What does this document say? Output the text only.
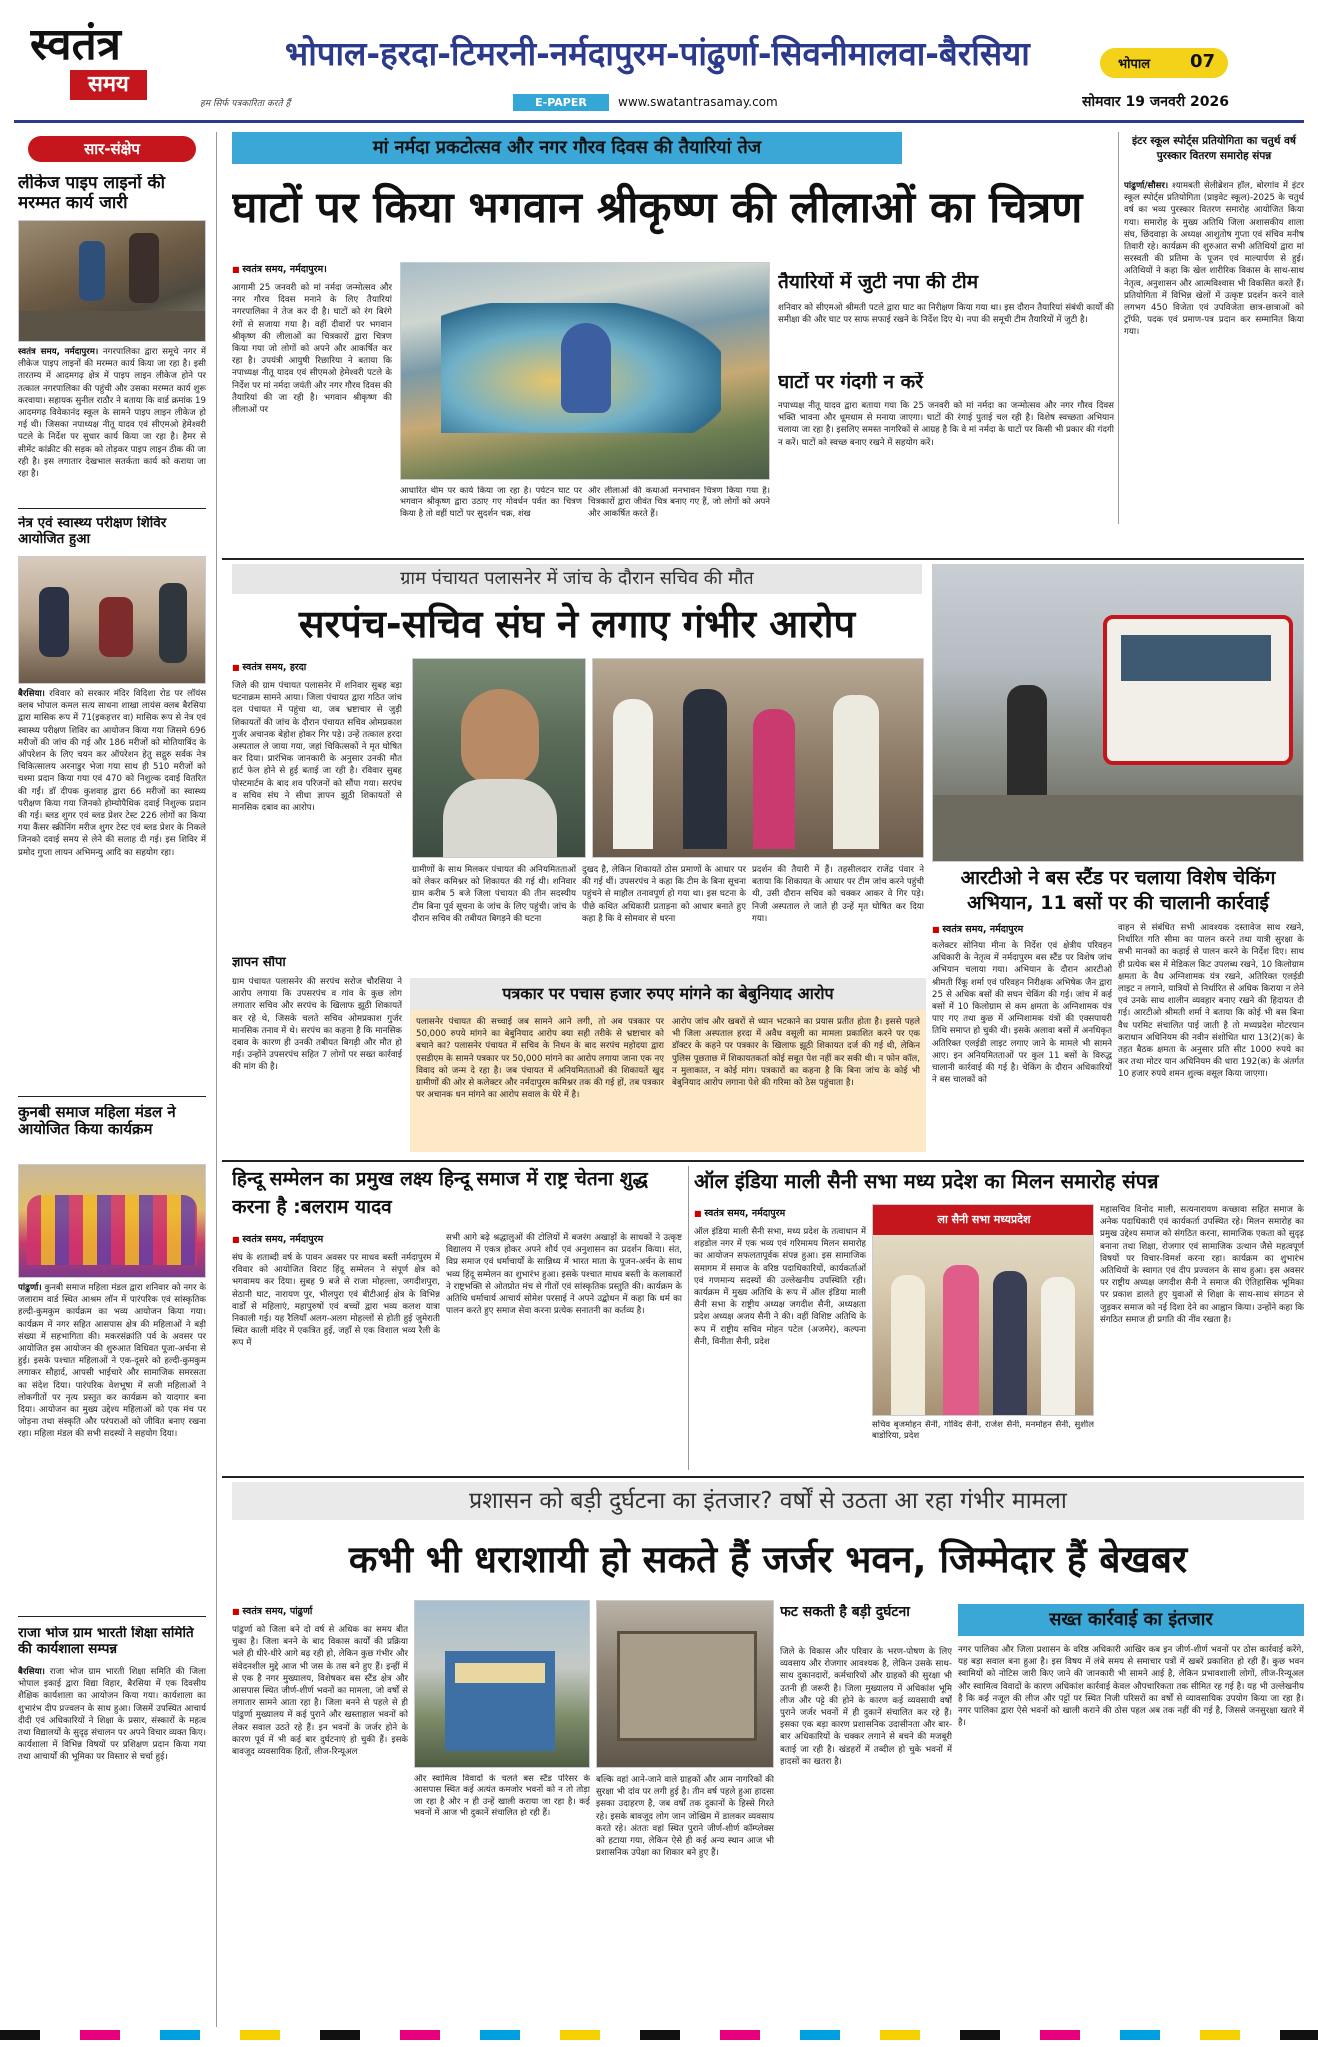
स्वतंत्र
समय
हम सिर्फ पत्रकारिता करते हैं
भोपाल-हरदा-टिमरनी-नर्मदापुरम-पांढुर्णा-सिवनीमालवा-बैरसिया
E-PAPER	www.swatantrasamay.com
भोपाल 07
सोमवार 19 जनवरी 2026
सार-संक्षेप
लीकेज पाइप लाइनों की मरम्मत कार्य जारी
स्वतंत्र समय, नर्मदापुरम। नगरपालिका द्वारा समूचे नगर में लीकेज पाइप लाइनों की मरम्मत कार्य किया जा रहा है। इसी तारतम्य में आदमगढ़ क्षेत्र में पाइप लाइन लीकेज होने पर तत्काल नगरपालिका की पहुंची और उसका मरम्मत कार्य शुरू करवाया। सहायक सुनील राठौर ने बताया कि वार्ड क्रमांक 19 आदमगढ़ विवेकानंद स्कूल के सामने पाइप लाइन लीकेज हो गई थी। जिसका नपाध्यक्ष नीतू यादव एवं सीएमओ हेमेश्वरी पटले के निर्देश पर सुधार कार्य किया जा रहा है। हैमर से सीमेंट कांक्रीट की सड़क को तोड़कर पाइप लाइन ठीक की जा रही है। इस लगातार देखभाल सतर्कता कार्य को कराया जा रहा है।
नेत्र एवं स्वास्थ्य परीक्षण शिविर आयोजित हुआ
बैरसिया। रविवार को सरकार मंदिर विदिशा रोड पर लॉयंस क्लब भोपाल कमल सत्य साधना शाखा लायंस क्लब बैरसिया द्वारा मासिक रूप में 71(इकहत्तर वा) मासिक रूप से नेत्र एवं स्वास्थ्य परीक्षण शिविर का आयोजन किया गया जिसमे 696 मरीजों की जांच की गई और 186 मरीजों को मोतियाबिंद के ऑपरेशन के लिए चयन कर ऑपरेशन हेतु सद्गुरु सर्वक नेत्र चिकित्सालय अरनाडुर भेजा गया साथ ही 510 मरीजों को चश्मा प्रदान किया गया एवं 470 को निशुल्क दवाई वितरित की गईं। डॉ दीपक कुशवाह द्वारा 66 मरीजों का स्वास्थ्य परीक्षण किया गया जिनको होम्योपैथिक दवाई निशुल्क प्रदान की गई। ब्लड शुगर एवं ब्लड प्रेशर टेस्ट 226 लोगों का किया गया कैंसर स्क्रीनिंग मरीज शुगर टेस्ट एवं ब्लड प्रेशर के निकले जिनको दवाई समय से लेने की सलाह दी गई। इस शिविर में प्रमोद गुप्ता लायन अभिमन्यु आदि का सहयोग रहा।
कुनबी समाज महिला मंडल ने आयोजित किया कार्यक्रम
पांढुर्णा। कुनबी समाज महिला मंडल द्वारा शनिवार को नगर के जलाराम वार्ड स्थित आश्रम लॉन में पारंपरिक एवं सांस्कृतिक हल्दी-कुमकुम कार्यक्रम का भव्य आयोजन किया गया। कार्यक्रम में नगर सहित आसपास क्षेत्र की महिलाओं ने बड़ी संख्या में सहभागिता की। मकरसंक्रांति पर्व के अवसर पर आयोजित इस आयोजन की शुरुआत विधिवत पूजा-अर्चना से हुई। इसके पश्चात महिलाओं ने एक-दूसरे को हल्दी-कुमकुम लगाकर सौहार्द, आपसी भाईचारे और सामाजिक समरसता का संदेश दिया। पारंपरिक वेशभूषा में सजी महिलाओं ने लोकगीतों पर नृत्य प्रस्तुत कर कार्यक्रम को यादगार बना दिया। आयोजन का मुख्य उद्देश्य महिलाओं को एक मंच पर जोड़ना तथा संस्कृति और परंपराओं को जीवित बनाए रखना रहा। महिला मंडल की सभी सदस्यों ने सहयोग दिया।
राजा भोज ग्राम भारती शिक्षा समिति की कार्यशाला सम्पन्न
बैरसिया। राजा भोज ग्राम भारती शिक्षा समिति की जिला भोपाल इकाई द्वारा विद्या विहार, बैरसिया में एक दिवसीय शैक्षिक कार्यशाला का आयोजन किया गया। कार्यशाला का शुभारंभ दीप प्रज्वलन के साथ हुआ। जिसमें उपस्थित आचार्य दीदी एवं अधिकारियों ने शिक्षा के प्रसार, संस्कारों के महत्व तथा विद्यालयों के सुदृढ़ संचालन पर अपने विचार व्यक्त किए। कार्यशाला में विभिन्न विषयों पर प्रशिक्षण प्रदान किया गया तथा आचार्यों की भूमिका पर विस्तार से चर्चा हुई।
मां नर्मदा प्रकटोत्सव और नगर गौरव दिवस की तैयारियां तेज
घाटों पर किया भगवान श्रीकृष्ण की लीलाओं का चित्रण
■ स्वतंत्र समय, नर्मदापुरम।
आगामी 25 जनवरी को मां नर्मदा जन्मोत्सव और नगर गौरव दिवस मनाने के लिए तैयारियां नगरपालिका ने तेज कर दी है। घाटों को रंग बिरंगे रंगों से सजाया गया है। वहीं दीवारों पर भगवान श्रीकृष्ण की लीलाओं का चित्रकारों द्वारा चित्रण किया गया जो लोगों को अपने और आकर्षित कर रहा है। उपयंत्री आयुषी रिछारिया ने बताया कि नपाध्यक्ष नीतू यादव एवं सीएमओ हेमेश्वरी पटले के निर्देश पर मां नर्मदा जयंती और नगर गौरव दिवस की तैयारियां की जा रही है। भगवान श्रीकृष्ण की लीलाओं पर
आधारित थीम पर कार्य किया जा रहा है। पर्यटन घाट पर भगवान श्रीकृष्ण द्वारा उठाए गए गोवर्धन पर्वत का चित्रण किया है तो वहीं घाटों पर सुदर्शन चक्र, शंख
और लीलाओं की कथाओं मनभावन चित्रण किया गया है। चित्रकारों द्वारा जीवंत चित्र बनाए गए हैं, जो लोगों को अपने और आकर्षित करते हैं।
तैयारियों में जुटी नपा की टीम
शनिवार को सीएमओ श्रीमती पटले द्वारा घाट का निरीक्षण किया गया था। इस दौरान तैयारियां संबंधी कार्यों की समीक्षा की और घाट पर साफ सफाई रखने के निर्देश दिए थे। नपा की समूची टीम तैयारियों में जुटी है।
घाटों पर गंदगी न करें
नपाध्यक्ष नीतू यादव द्वारा बताया गया कि 25 जनवरी को मां नर्मदा का जन्मोत्सव और नगर गौरव दिवस भक्ति भावना और धूमधाम से मनाया जाएगा। घाटों की रंगाई पुताई चल रही है। विशेष स्वच्छता अभियान चलाया जा रहा है। इसलिए समस्त नागरिकों से आग्रह है कि वे मां नर्मदा के घाटों पर किसी भी प्रकार की गंदगी न करें। घाटों को स्वच्छ बनाए रखने में सहयोग करें।
इंटर स्कूल स्पोर्ट्स प्रतियोगिता का चतुर्थ वर्ष पुरस्कार वितरण समारोह संपन्न
पांढुर्णा/सौसर। श्यामबती सेलीब्रेशन हॉल, बोरगांव में इंटर स्कूल स्पोर्ट्स प्रतियोगिता (प्राइवेट स्कूल)-2025 के चतुर्थ वर्ष का भव्य पुरस्कार वितरण समारोह आयोजित किया गया। समारोह के मुख्य अतिथि जिला अशासकीय शाला संघ, छिंदवाड़ा के अध्यक्ष आशुतोष गुप्ता एवं संचिव मनीष तिवारी रहे। कार्यक्रम की शुरुआत सभी अतिथियों द्वारा मां सरस्वती की प्रतिमा के पूजन एवं माल्यार्पण से हुई। अतिथियों ने कहा कि खेल शारीरिक विकास के साथ-साथ नेतृत्व, अनुशासन और आत्मविश्वास भी विकसित करते हैं। प्रतियोगिता में विभिन्न खेलों में उत्कृष्ट प्रदर्शन करने वाले लगभग 450 विजेता एवं उपविजेता छात्र-छात्राओं को ट्रॉफी, पदक एवं प्रमाण-पत्र प्रदान कर सम्मानित किया गया।
ग्राम पंचायत पलासनेर में जांच के दौरान सचिव की मौत
सरपंच-सचिव संघ ने लगाए गंभीर आरोप
■ स्वतंत्र समय, हरदा
जिले की ग्राम पंचायत पलासनेर में शनिवार सुबह बड़ा घटनाक्रम सामने आया। जिला पंचायत द्वारा गठित जांच दल पंचायत में पहुंचा था, जब भ्रष्टाचार से जुड़ी शिकायतों की जांच के दौरान पंचायत सचिव ओमप्रकाश गुर्जर अचानक बेहोश होकर गिर पड़े। उन्हें तत्काल हरदा अस्पताल ले जाया गया, जहां चिकित्सकों ने मृत घोषित कर दिया। प्रारंभिक जानकारी के अनुसार उनकी मौत हार्ट फेल होने से हुई बताई जा रही है। रविवार सुबह पोस्टमार्टम के बाद शव परिजनों को सौंपा गया। सरपंच व सचिव संघ ने सीधा ज्ञापन झूठी शिकायतों से मानसिक दबाव का आरोप।
ज्ञापन सौंपा
ग्राम पंचायत पलासनेर की सरपंच सरोज चौरसिया ने आरोप लगाया कि उपसरपंच व गांव के कुछ लोग लगातार सचिव और सरपंच के खिलाफ झूठी शिकायतें कर रहे थे, जिसके चलते सचिव ओमप्रकाश गुर्जर मानसिक तनाव में थे। सरपंच का कहना है कि मानसिक दबाव के कारण ही उनकी तबीयत बिगड़ी और मौत हो गई। उन्होंने उपसरपंच सहित 7 लोगों पर सख्त कार्रवाई की मांग की है।
ग्रामीणों के साथ मिलकर पंचायत की अनियमितताओं को लेकर कमिश्नर को शिकायत की गई थी। शनिवार ग्राम करीब 5 बजे जिला पंचायत की तीन सदस्यीय टीम बिना पूर्व सूचना के जांच के लिए पहुंची। जांच के दौरान सचिव की तबीयत बिगड़ने की घटना
दुखद है, लेकिन शिकायतें ठोस प्रमाणों के आधार पर की गई थीं। उपसरपंच ने कहा कि टीम के बिना सूचना पहुंचने से माहौल तनावपूर्ण हो गया था। इस घटना के पीछे कथित अधिकारी प्रताड़ना को आधार बनाते हुए कहा है कि वे सोमवार से धरना
प्रदर्शन की तैयारी में हैं। तहसीलदार राजेंद्र पंवार ने बताया कि शिकायत के आधार पर टीम जांच करने पहुंची थी, उसी दौरान सचिव को चक्कर आकर वे गिर पड़े। निजी अस्पताल ले जाते ही उन्हें मृत घोषित कर दिया गया।
पत्रकार पर पचास हजार रुपए मांगने का बेबुनियाद आरोप
पलासनेर पंचायत की सच्चाई जब सामने आने लगी, तो अब पत्रकार पर 50,000 रुपये मांगने का बेबुनियाद आरोप क्या सही तरीके से भ्रष्टाचार को बचाने का? पलासनेर पंचायत में सचिव के निधन के बाद सरपंच महोदया द्वारा एसडीएम के सामने पत्रकार पर 50,000 मांगने का आरोप लगाया जाना एक नए विवाद को जन्म दे रहा है। जब पंचायत में अनियमितताओं की शिकायतें खुद ग्रामीणों की ओर से कलेक्टर और नर्मदापुरम कमिश्नर तक की गई हों, तब पत्रकार पर अचानक धन मांगने का आरोप सवाल के घेरे में है।
आरोप जांच और खबरों से ध्यान भटकाने का प्रयास प्रतीत होता है। इससे पहले भी जिला अस्पताल हरदा में अवैध वसूली का मामला प्रकाशित करने पर एक डॉक्टर के कहने पर पत्रकार के खिलाफ झूठी शिकायत दर्ज की गई थी, लेकिन पुलिस पूछताछ में शिकायतकर्ता कोई सबूत पेश नहीं कर सकी थी। न फोन कॉल, न मुलाकात, न कोई मांग। पत्रकारों का कहना है कि बिना जांच के कोई भी बेबुनियाद आरोप लगाना पेशे की गरिमा को ठेस पहुंचाता है।
आरटीओ ने बस स्टैंड पर चलाया विशेष चेकिंग अभियान, 11 बसों पर की चालानी कार्रवाई
■ स्वतंत्र समय, नर्मदापुरम
कलेक्टर सोनिया मीना के निर्देश एवं क्षेत्रीय परिवहन अधिकारी के नेतृत्व में नर्मदापुरम बस स्टैंड पर विशेष जांच अभियान चलाया गया। अभियान के दौरान आरटीओ श्रीमती रिंकू शर्मा एवं परिवहन निरीक्षक अभिषेक जैन द्वारा 25 से अधिक बसों की सघन चेकिंग की गई। जांच में कई बसों में 10 किलोग्राम से कम क्षमता के अग्निशामक यंत्र पाए गए तथा कुछ में अग्निशामक यंत्रों की एक्सपायरी तिथि समाप्त हो चुकी थी। इसके अलावा बसों में अनधिकृत अतिरिक्त एलईडी लाइट लगाए जाने के मामले भी सामने आए। इन अनियमितताओं पर कुल 11 बसों के विरुद्ध चालानी कार्रवाई की गई है। चेकिंग के दौरान अधिकारियों ने बस चालकों को
वाहन से संबंधित सभी आवश्यक दस्तावेज साथ रखने, निर्धारित गति सीमा का पालन करने तथा यात्री सुरक्षा के सभी मानकों का कड़ाई से पालन करने के निर्देश दिए। साथ ही प्रत्येक बस में मेडिकल किट उपलब्ध रखने, 10 किलोग्राम क्षमता के वैध अग्निशामक यंत्र रखने, अतिरिक्त एलईडी लाइट न लगाने, यात्रियों से निर्धारित से अधिक किराया न लेने एवं उनके साथ शालीन व्यवहार बनाए रखने की हिदायत दी गई। आरटीओ श्रीमती शर्मा ने बताया कि कोई भी बस बिना वैध परमिट संचालित पाई जाती है तो मध्यप्रदेश मोटरयान कराधान अधिनियम की नवीन संशोधित धारा 13(2)(क) के तहत बैठक क्षमता के अनुसार प्रति सीट 1000 रुपये का कर तथा मोटर यान अधिनियम की धारा 192(क) के अंतर्गत 10 हजार रुपये शमन शुल्क वसूल किया जाएगा।
हिन्दू सम्मेलन का प्रमुख लक्ष्य हिन्दू समाज में राष्ट्र चेतना शुद्ध करना है :बलराम यादव
■ स्वतंत्र समय, नर्मदापुरम
संघ के शताब्दी वर्ष के पावन अवसर पर माधव बस्ती नर्मदापुरम में रविवार को आयोजित विराट हिंदू सम्मेलन ने संपूर्ण क्षेत्र को भगवामय कर दिया। सुबह 9 बजे से राजा मोहल्ला, जगदीशपुरा, सेठानी घाट, नारायण पुर, भीलपुरा एवं बीटीआई क्षेत्र के विभिन्न वार्डों से महिलाएं, महापुरुषों एवं बच्चों द्वारा भव्य कलश यात्रा निकाली गई। यह रैलियाँ अलग-अलग मोहल्लों से होती हुई जुमेराती स्थित काली मंदिर में एकत्रित हुई, जहाँ से एक विशाल भव्य रैली के रूप में
सभी आगे बढ़े श्रद्धालुओं की टोलियों में बजरंग अखाड़ों के साधकों ने उत्कृष्ट विद्यालय में एकत्र होकर अपने शौर्य एवं अनुशासन का प्रदर्शन किया। संत, विप्र समाज एवं धर्माचार्यों के सान्निध्य में भारत माता के पूजन-अर्चन के साथ भव्य हिंदू सम्मेलन का शुभारंभ हुआ। इसके पश्चात माधव बस्ती के कलाकारों ने राष्ट्रभक्ति से ओतप्रोत मंच से गीतों एवं सांस्कृतिक प्रस्तुति की। कार्यक्रम के अतिथि धर्माचार्य आचार्य सोमेश परसाई ने अपने उद्बोधन में कहा कि धर्म का पालन करते हुए समाज सेवा करना प्रत्येक सनातनी का कर्तव्य है।
ऑल इंडिया माली सैनी सभा मध्य प्रदेश का मिलन समारोह संपन्न
■ स्वतंत्र समय, नर्मदापुरम
ऑल इंडिया माली सैनी सभा, मध्य प्रदेश के तत्वाधान में शहडोल नगर में एक भव्य एवं गरिमामय मिलन समारोह का आयोजन सफलतापूर्वक संपन्न हुआ। इस सामाजिक समागम में समाज के वरिष्ठ पदाधिकारियों, कार्यकर्ताओं एवं गणमान्य सदस्यों की उल्लेखनीय उपस्थिति रही। कार्यक्रम में मुख्य अतिथि के रूप में ऑल इंडिया माली सैनी सभा के राष्ट्रीय अध्यक्ष जगदीश सैनी, अध्यक्षता प्रदेश अध्यक्ष अजय सैनी ने की। वहीं विशिष्ट अतिथि के रूप में राष्ट्रीय सचिव मोहन पटेल (अजमेर), कल्पना सैनी, विनीता सैनी, प्रदेश
ला सैनी सभा मध्यप्रदेश
सचिव बृजमोहन सैनी, गोविंद सैनी, राजेश सैनी, मनमोहन सैनी, सुशील बाडोरिया, प्रदेश
महासचिव विनोद माली, सत्यनारायण कच्छावा सहित समाज के अनेक पदाधिकारी एवं कार्यकर्ता उपस्थित रहे। मिलन समारोह का प्रमुख उद्देश्य समाज को संगठित करना, सामाजिक एकता को सुदृढ़ बनाना तथा शिक्षा, रोजगार एवं सामाजिक उत्थान जैसे महत्वपूर्ण विषयों पर विचार-विमर्श करना रहा। कार्यक्रम का शुभारंभ अतिथियों के स्वागत एवं दीप प्रज्वलन के साथ हुआ। इस अवसर पर राष्ट्रीय अध्यक्ष जगदीश सैनी ने समाज की ऐतिहासिक भूमिका पर प्रकाश डालते हुए युवाओं से शिक्षा के साथ-साथ संगठन से जुड़कर समाज को नई दिशा देने का आह्वान किया। उन्होंने कहा कि संगठित समाज ही प्रगति की नींव रखता है।
प्रशासन को बड़ी दुर्घटना का इंतजार? वर्षों से उठता आ रहा गंभीर मामला
कभी भी धराशायी हो सकते हैं जर्जर भवन, जिम्मेदार हैं बेखबर
■ स्वतंत्र समय, पांढुर्णा
पांढुर्णा को जिला बने दो वर्ष से अधिक का समय बीत चुका है। जिला बनने के बाद विकास कार्यों की प्रक्रिया भले ही धीरे-धीरे आगे बढ़ रही हो, लेकिन कुछ गंभीर और संवेदनशील मुद्दे आज भी जस के तस बने हुए हैं। इन्हीं में से एक है नगर मुख्यालय, विशेषकर बस स्टैंड क्षेत्र और आसपास स्थित जीर्ण-शीर्ण भवनों का मामला, जो वर्षों से लगातार सामने आता रहा है। जिला बनने से पहले से ही पांढुर्णा मुख्यालय में कई पुराने और खस्ताहाल भवनों को लेकर सवाल उठते रहे हैं। इन भवनों के जर्जर होने के कारण पूर्व में भी कई बार दुर्घटनाएं हो चुकी हैं। इसके बावजूद व्यवसायिक हितों, लीज-रिन्यूअल
और स्वामित्व विवादों के चलते बस स्टैंड परिसर के आसपास स्थित कई अत्यंत कमजोर भवनों को न तो तोड़ा जा रहा है और न ही उन्हें खाली कराया जा रहा है। कई भवनों में आज भी दुकानें संचालित हो रही हैं।
बल्कि वहां आने-जाने वाले ग्राहकों और आम नागरिकों की सुरक्षा भी दांव पर लगी हुई है। तीन वर्ष पहले हुआ हादसा इसका उदाहरण है, जब वर्षों तक दुकानों के हिस्से गिरते रहे। इसके बावजूद लोग जान जोखिम में डालकर व्यवसाय करते रहे। अंततः वहां स्थित पुराने जीर्ण-शीर्ण कॉम्प्लेक्स को हटाया गया, लेकिन ऐसे ही कई अन्य स्थान आज भी प्रशासनिक उपेक्षा का शिकार बने हुए हैं।
फट सकती है बड़ी दुर्घटना
जिले के विकास और परिवार के भरण-पोषण के लिए व्यवसाय और रोजगार आवश्यक है, लेकिन उसके साथ-साथ दुकानदारों, कर्मचारियों और ग्राहकों की सुरक्षा भी उतनी ही जरूरी है। जिला मुख्यालय में अधिकांश भूमि लीज और पट्टे की होने के कारण कई व्यवसायी वर्षों पुराने जर्जर भवनों में ही दुकानें संचालित कर रहे हैं। इसका एक बड़ा कारण प्रशासनिक उदासीनता और बार-बार अधिकारियों के चक्कर लगाने से बचने की मजबूरी बताई जा रही है। खंडहरों में तब्दील हो चुके भवनों में हादसों का खतरा है।
सख्त कार्रवाई का इंतजार
नगर पालिका और जिला प्रशासन के वरिष्ठ अधिकारी आखिर कब इन जीर्ण-शीर्ण भवनों पर ठोस कार्रवाई करेंगे, यह बड़ा सवाल बना हुआ है। इस विषय में लंबे समय से समाचार पत्रों में खबरें प्रकाशित हो रही हैं। कुछ भवन स्वामियों को नोटिस जारी किए जाने की जानकारी भी सामने आई है, लेकिन प्रभावशाली लोगों, लीज-रिन्यूअल और स्वामित्व विवादों के कारण अधिकांश कार्रवाई केवल औपचारिकता तक सीमित रह गई है। यह भी उल्लेखनीय है कि कई नजूल की लीज और पट्टों पर स्थित निजी परिसरों का वर्षों से व्यावसायिक उपयोग किया जा रहा है। नगर पालिका द्वारा ऐसे भवनों को खाली कराने की ठोस पहल अब तक नहीं की गई है, जिससे जनसुरक्षा खतरे में है।
